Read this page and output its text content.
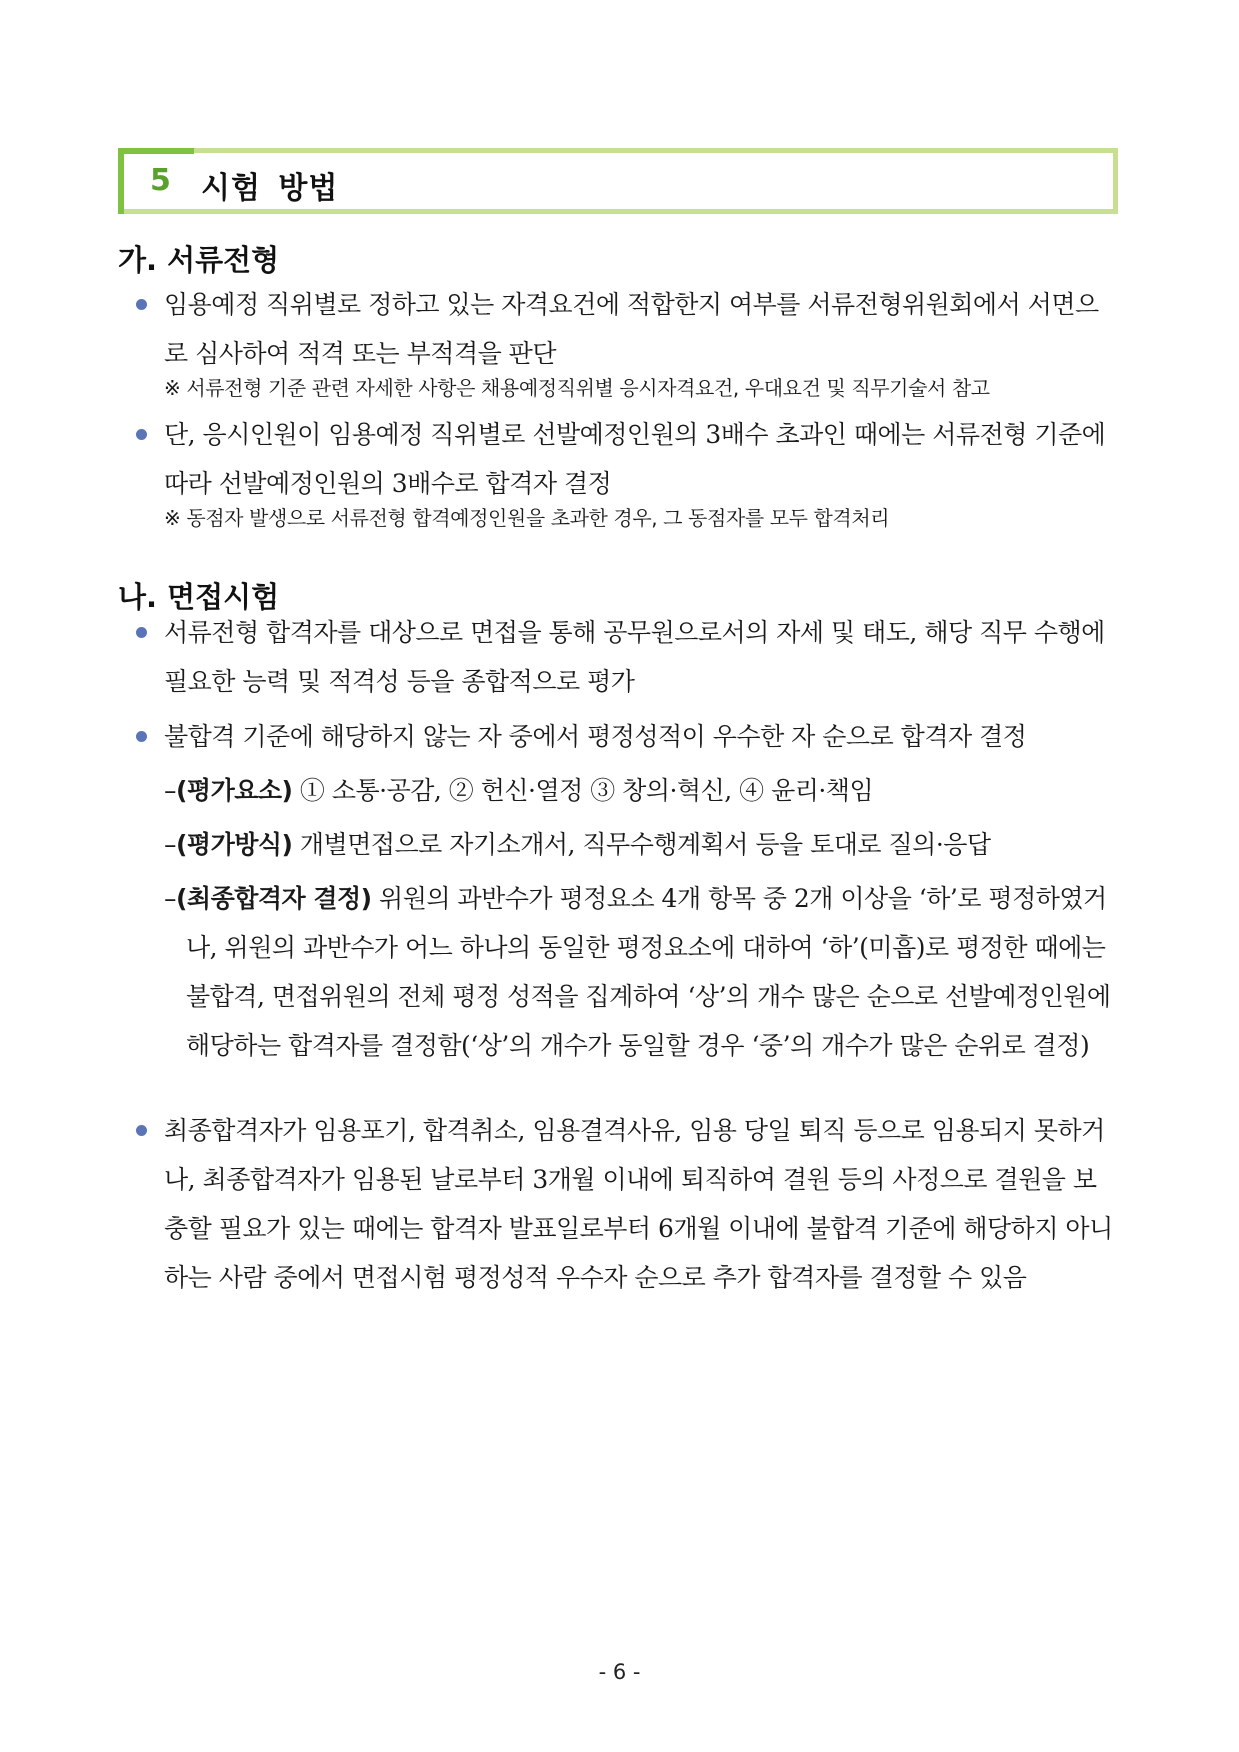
5 시험 방법
가. 서류전형
임용예정 직위별로 정하고 있는 자격요건에 적합한지 여부를 서류전형위원회에서 서면으로 심사하여 적격 또는 부적격을 판단
※ 서류전형 기준 관련 자세한 사항은 채용예정직위별 응시자격요건, 우대요건 및 직무기술서 참고
단, 응시인원이 임용예정 직위별로 선발예정인원의 3배수 초과인 때에는 서류전형 기준에 따라 선발예정인원의 3배수로 합격자 결정
※ 동점자 발생으로 서류전형 합격예정인원을 초과한 경우, 그 동점자를 모두 합격처리
나. 면접시험
서류전형 합격자를 대상으로 면접을 통해 공무원으로서의 자세 및 태도, 해당 직무 수행에 필요한 능력 및 적격성 등을 종합적으로 평가
불합격 기준에 해당하지 않는 자 중에서 평정성적이 우수한 자 순으로 합격자 결정
–(평가요소) ① 소통·공감, ② 헌신·열정 ③ 창의·혁신, ④ 윤리·책임
–(평가방식) 개별면접으로 자기소개서, 직무수행계획서 등을 토대로 질의·응답
–(최종합격자 결정) 위원의 과반수가 평정요소 4개 항목 중 2개 이상을 ‘하’로 평정하였거나, 위원의 과반수가 어느 하나의 동일한 평정요소에 대하여 ‘하’(미흡)로 평정한 때에는 불합격, 면접위원의 전체 평정 성적을 집계하여 ‘상’의 개수 많은 순으로 선발예정인원에 해당하는 합격자를 결정함(‘상’의 개수가 동일할 경우 ‘중’의 개수가 많은 순위로 결정)
최종합격자가 임용포기, 합격취소, 임용결격사유, 임용 당일 퇴직 등으로 임용되지 못하거나, 최종합격자가 임용된 날로부터 3개월 이내에 퇴직하여 결원 등의 사정으로 결원을 보충할 필요가 있는 때에는 합격자 발표일로부터 6개월 이내에 불합격 기준에 해당하지 아니하는 사람 중에서 면접시험 평정성적 우수자 순으로 추가 합격자를 결정할 수 있음
- 6 -
